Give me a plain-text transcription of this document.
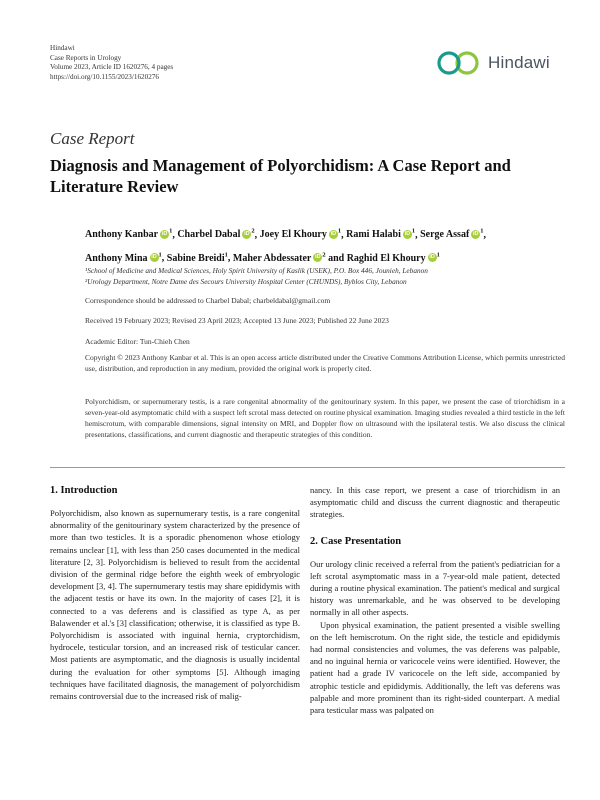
Hindawi
Case Reports in Urology
Volume 2023, Article ID 1620276, 4 pages
https://doi.org/10.1155/2023/1620276
Hindawi
Case Report
Diagnosis and Management of Polyorchidism: A Case Report and Literature Review
Anthony Kanbar iD $^1$, Charbel Dabal iD $^2$, Joey El Khoury iD $^1$, Rami Halabi iD $^1$, Serge Assaf iD $^1$,
Anthony Mina iD $^1$, Sabine Breidi$^1$, Maher Abdessater iD $^2$ and Raghid El Khoury iD $^1$
¹School of Medicine and Medical Sciences, Holy Spirit University of Kaslik (USEK), P.O. Box 446, Jounieh, Lebanon
²Urology Department, Notre Dame des Secours University Hospital Center (CHUNDS), Byblos City, Lebanon
Correspondence should be addressed to Charbel Dabal; charbeldabal@gmail.com
Received 19 February 2023; Revised 23 April 2023; Accepted 13 June 2023; Published 22 June 2023
Academic Editor: Tun-Chieh Chen
Copyright © 2023 Anthony Kanbar et al. This is an open access article distributed under the Creative Commons Attribution License, which permits unrestricted use, distribution, and reproduction in any medium, provided the original work is properly cited.
Polyorchidism, or supernumerary testis, is a rare congenital abnormality of the genitourinary system. In this paper, we present the case of triorchidism in a seven-year-old asymptomatic child with a suspect left scrotal mass detected on routine physical examination. Imaging studies revealed a third testicle in the left hemiscrotum, with comparable dimensions, signal intensity on MRI, and Doppler flow on ultrasound with the ipsilateral testis. We also discuss the clinical presentations, classifications, and current diagnostic and therapeutic strategies of this condition.
1. Introduction

Polyorchidism, also known as supernumerary testis, is a rare congenital abnormality of the genitourinary system characterized by the presence of more than two testicles. It is a sporadic phenomenon whose etiology remains unclear [1], with less than 250 cases documented in the medical literature [2, 3]. Polyorchidism is believed to result from the accidental division of the germinal ridge before the eighth week of embryologic development [3, 4]. The supernumerary testis may share epididymis with the adjacent testis or have its own. In the majority of cases [2], it is connected to a vas deferens and is classified as type A, as per Balawender et al.'s [3] classification; otherwise, it is classified as type B. Polyorchidism is associated with inguinal hernia, cryptorchidism, hydrocele, testicular torsion, and an increased risk of testicular cancer. Most patients are asymptomatic, and the diagnosis is usually incidental during the evaluation for other symptoms [5]. Although imaging techniques have facilitated diagnosis, the management of polyorchidism remains controversial due to the increased risk of malig-

nancy. In this case report, we present a case of triorchidism in an asymptomatic child and discuss the current diagnostic and therapeutic strategies.

2. Case Presentation

Our urology clinic received a referral from the patient's pediatrician for a left scrotal asymptomatic mass in a 7-year-old male patient, detected during a routine physical examination. The patient's medical and surgical history was unremarkable, and he was observed to be developing normally in all other aspects.

Upon physical examination, the patient presented a visible swelling on the left hemiscrotum. On the right side, the testicle and epididymis had normal consistencies and volumes, the vas deferens was palpable, and no inguinal hernia or varicocele veins were identified. However, the patient had a grade IV varicocele on the left side, accompanied by atrophic testicle and epididymis. Additionally, the left vas deferens was palpable and more prominent than its right-sided counterpart. A medial para testicular mass was palpated on
